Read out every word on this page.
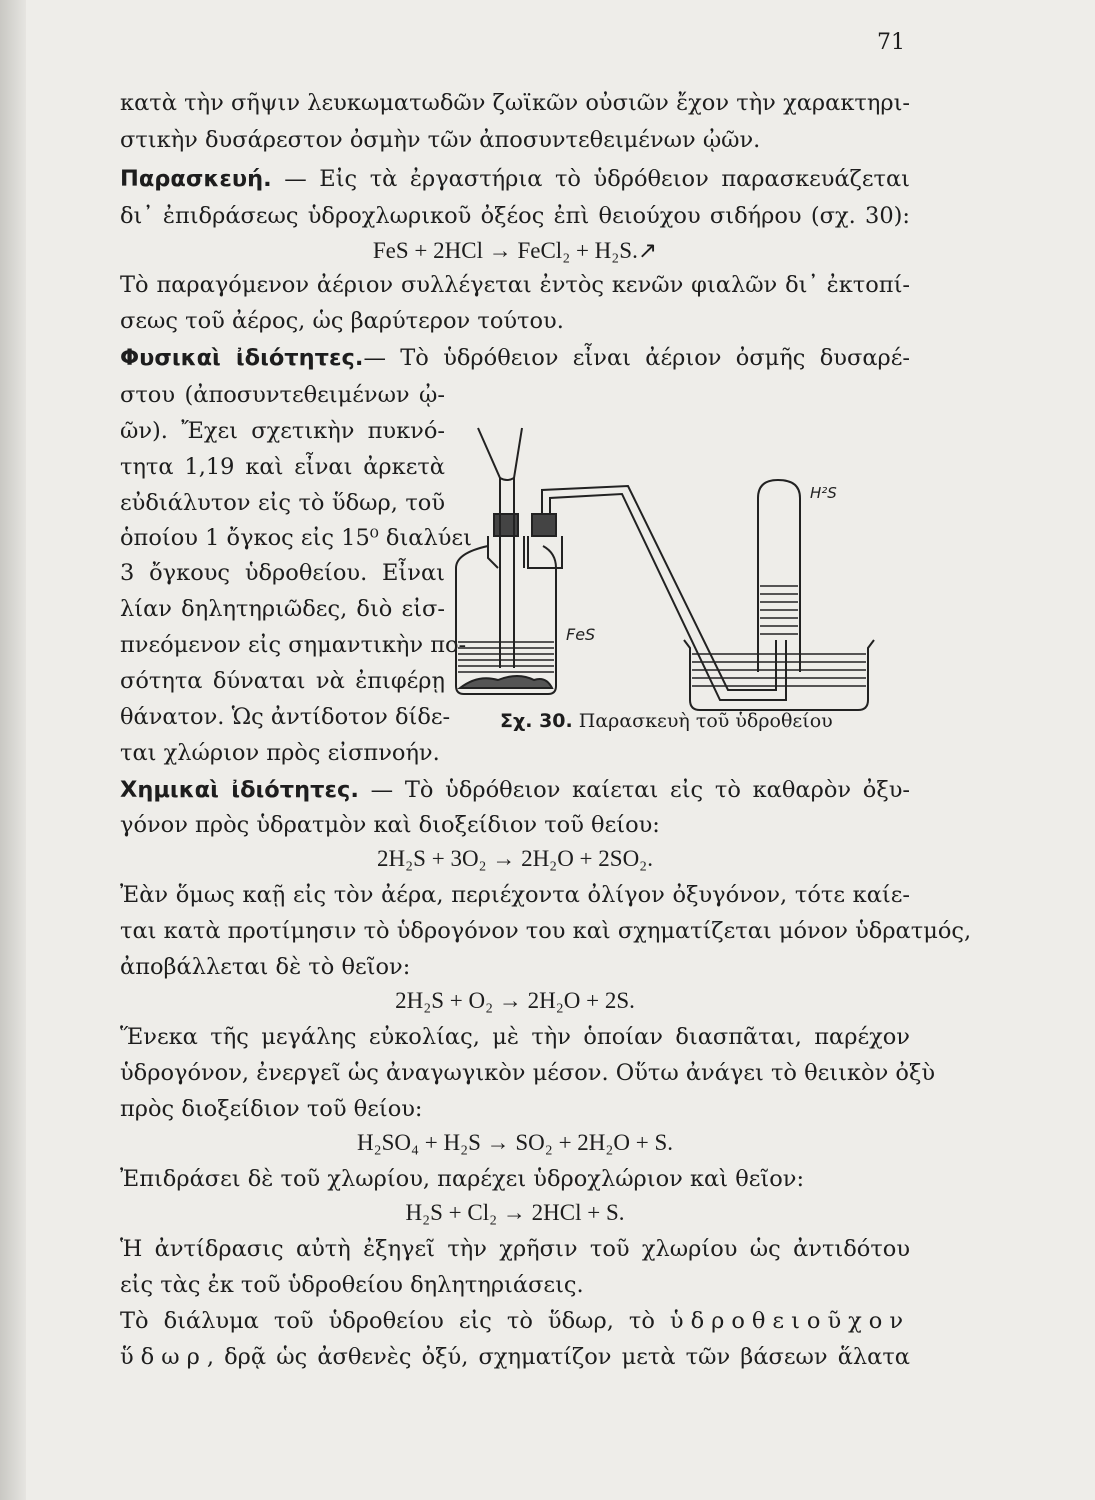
71
κατὰ τὴν σῆψιν λευκωματωδῶν ζωϊκῶν οὐσιῶν ἔχον τὴν χαρακτηρι-
στικὴν δυσάρεστον ὀσμὴν τῶν ἀποσυντεθειμένων ᾠῶν.
Παρασκευή. — Εἰς τὰ ἐργαστήρια τὸ ὑδρόθειον παρασκευάζεται
δι᾽ ἐπιδράσεως ὑδροχλωρικοῦ ὀξέος ἐπὶ θειούχου σιδήρου (σχ. 30):
FeS + 2HCl → FeCl₂ + H₂S.↗
Τὸ παραγόμενον ἀέριον συλλέγεται ἐντὸς κενῶν φιαλῶν δι᾽ ἐκτοπί-
σεως τοῦ ἀέρος, ὡς βαρύτερον τούτου.
Φυσικαὶ ἰδιότητες.— Τὸ ὑδρόθειον εἶναι ἀέριον ὀσμῆς δυσαρέ-
στου (ἀποσυντεθειμένων ᾠ-
ῶν). Ἔχει σχετικὴν πυκνό-
τητα 1,19 καὶ εἶναι ἀρκετὰ
εὐδιάλυτον εἰς τὸ ὕδωρ, τοῦ
ὁποίου 1 ὄγκος εἰς 15⁰ διαλύει
3 ὄγκους ὑδροθείου. Εἶναι
λίαν δηλητηριῶδες, διὸ εἰσ-
πνεόμενον εἰς σημαντικὴν πο-
σότητα δύναται νὰ ἐπιφέρῃ
θάνατον. Ὡς ἀντίδοτον δίδε-
ται χλώριον πρὸς εἰσπνοήν.
FeS
H²S
Σχ. 30. Παρασκευὴ τοῦ ὑδροθείου
Χημικαὶ ἰδιότητες. — Τὸ ὑδρόθειον καίεται εἰς τὸ καθαρὸν ὀξυ-
γόνον πρὸς ὑδρατμὸν καὶ διοξείδιον τοῦ θείου:
2H₂S + 3O₂ → 2H₂O + 2SO₂.
Ἐὰν ὅμως καῇ εἰς τὸν ἀέρα, περιέχοντα ὀλίγον ὀξυγόνον, τότε καίε-
ται κατὰ προτίμησιν τὸ ὑδρογόνον του καὶ σχηματίζεται μόνον ὑδρατμός,
ἀποβάλλεται δὲ τὸ θεῖον:
2H₂S + O₂ → 2H₂O + 2S.
Ἕνεκα τῆς μεγάλης εὐκολίας, μὲ τὴν ὁποίαν διασπᾶται, παρέχον
ὑδρογόνον, ἐνεργεῖ ὡς ἀναγωγικὸν μέσον. Οὕτω ἀνάγει τὸ θειικὸν ὀξὺ
πρὸς διοξείδιον τοῦ θείου:
H₂SO₄ + H₂S → SO₂ + 2H₂O + S.
Ἐπιδράσει δὲ τοῦ χλωρίου, παρέχει ὑδροχλώριον καὶ θεῖον:
H₂S + Cl₂ → 2HCl + S.
Ἡ ἀντίδρασις αὐτὴ ἐξηγεῖ τὴν χρῆσιν τοῦ χλωρίου ὡς ἀντιδότου
εἰς τὰς ἐκ τοῦ ὑδροθείου δηλητηριάσεις.
Τὸ διάλυμα τοῦ ὑδροθείου εἰς τὸ ὕδωρ, τὸ ὑδροθειοῦχον
ὕδωρ, δρᾷ ὡς ἀσθενὲς ὀξύ, σχηματίζον μετὰ τῶν βάσεων ἅλατα
